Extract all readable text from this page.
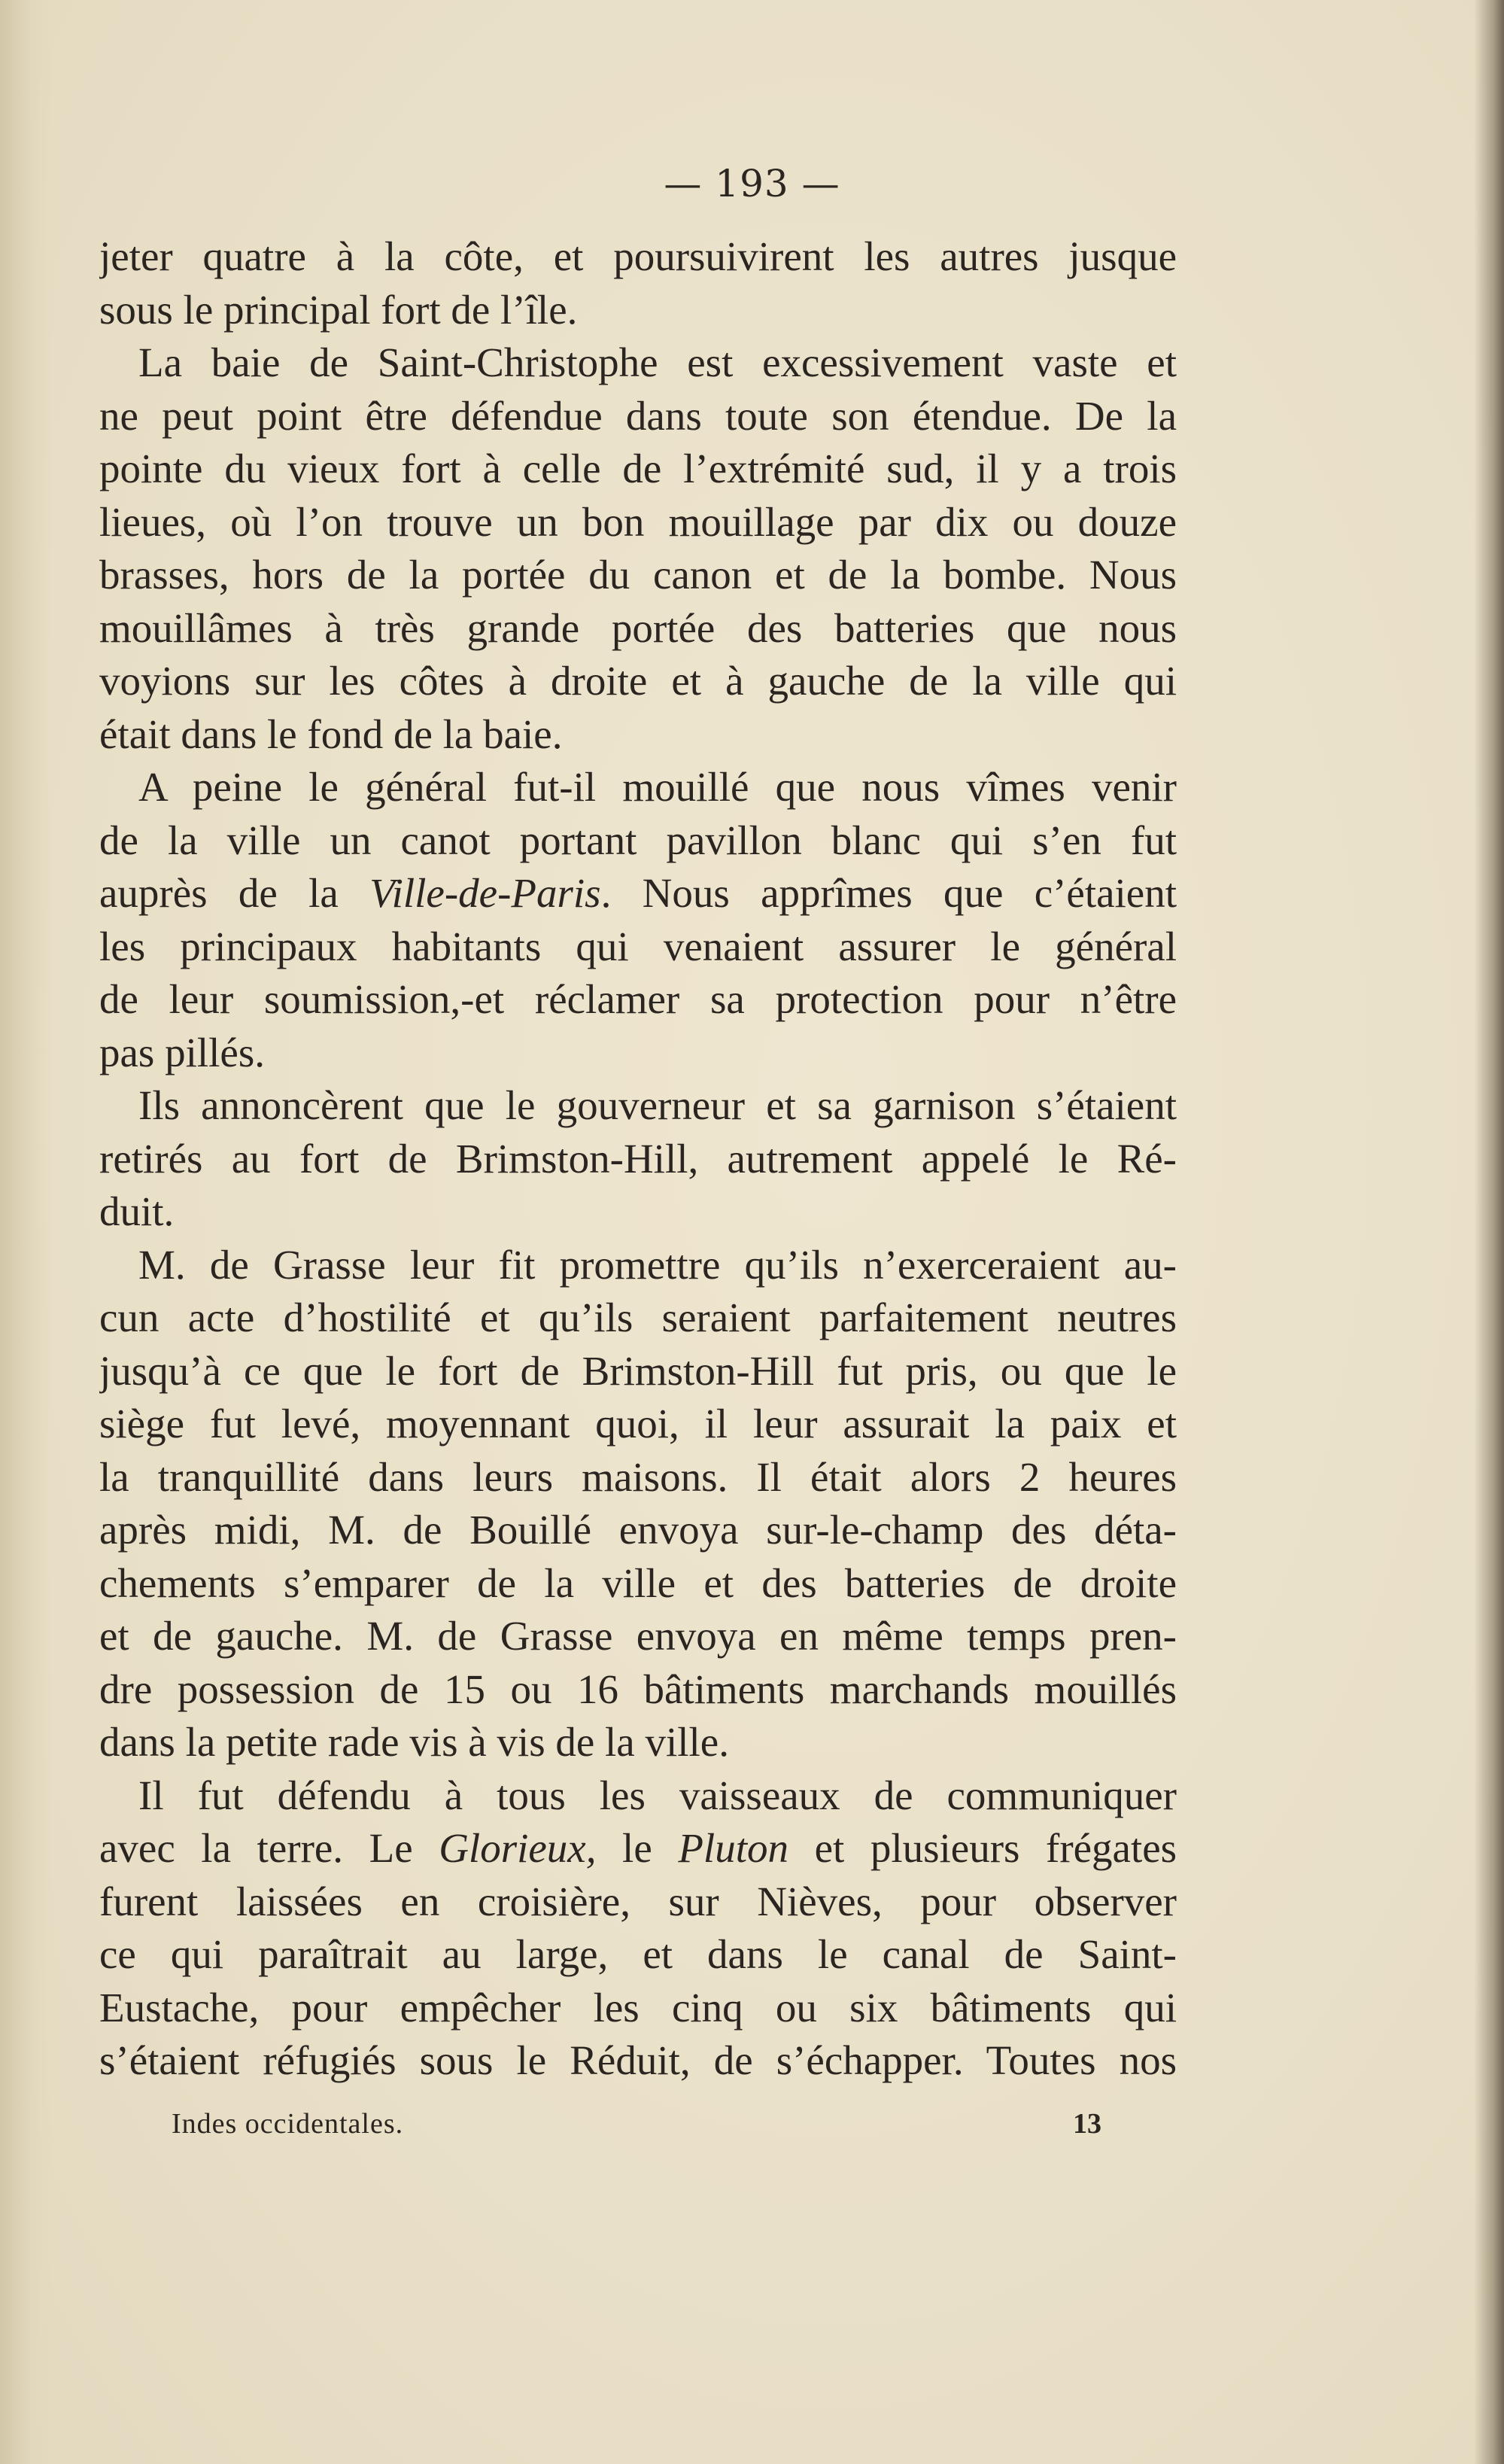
— 193 —
jeter quatre à la côte, et poursuivirent les autres jusque
sous le principal fort de l’île.
La baie de Saint-Christophe est excessivement vaste et
ne peut point être défendue dans toute son étendue. De la
pointe du vieux fort à celle de l’extrémité sud, il y a trois
lieues, où l’on trouve un bon mouillage par dix ou douze
brasses, hors de la portée du canon et de la bombe. Nous
mouillâmes à très grande portée des batteries que nous
voyions sur les côtes à droite et à gauche de la ville qui
était dans le fond de la baie.
A peine le général fut-il mouillé que nous vîmes venir
de la ville un canot portant pavillon blanc qui s’en fut
auprès de la Ville-de-Paris. Nous apprîmes que c’étaient
les principaux habitants qui venaient assurer le général
de leur soumission,-et réclamer sa protection pour n’être
pas pillés.
Ils annoncèrent que le gouverneur et sa garnison s’étaient
retirés au fort de Brimston-Hill, autrement appelé le Ré-
duit.
M. de Grasse leur fit promettre qu’ils n’exerceraient au-
cun acte d’hostilité et qu’ils seraient parfaitement neutres
jusqu’à ce que le fort de Brimston-Hill fut pris, ou que le
siège fut levé, moyennant quoi, il leur assurait la paix et
la tranquillité dans leurs maisons. Il était alors 2 heures
après midi, M. de Bouillé envoya sur-le-champ des déta-
chements s’emparer de la ville et des batteries de droite
et de gauche. M. de Grasse envoya en même temps pren-
dre possession de 15 ou 16 bâtiments marchands mouillés
dans la petite rade vis à vis de la ville.
Il fut défendu à tous les vaisseaux de communiquer
avec la terre. Le Glorieux, le Pluton et plusieurs frégates
furent laissées en croisière, sur Nièves, pour observer
ce qui paraîtrait au large, et dans le canal de Saint-
Eustache, pour empêcher les cinq ou six bâtiments qui
s’étaient réfugiés sous le Réduit, de s’échapper. Toutes nos
Indes occidentales.	13
